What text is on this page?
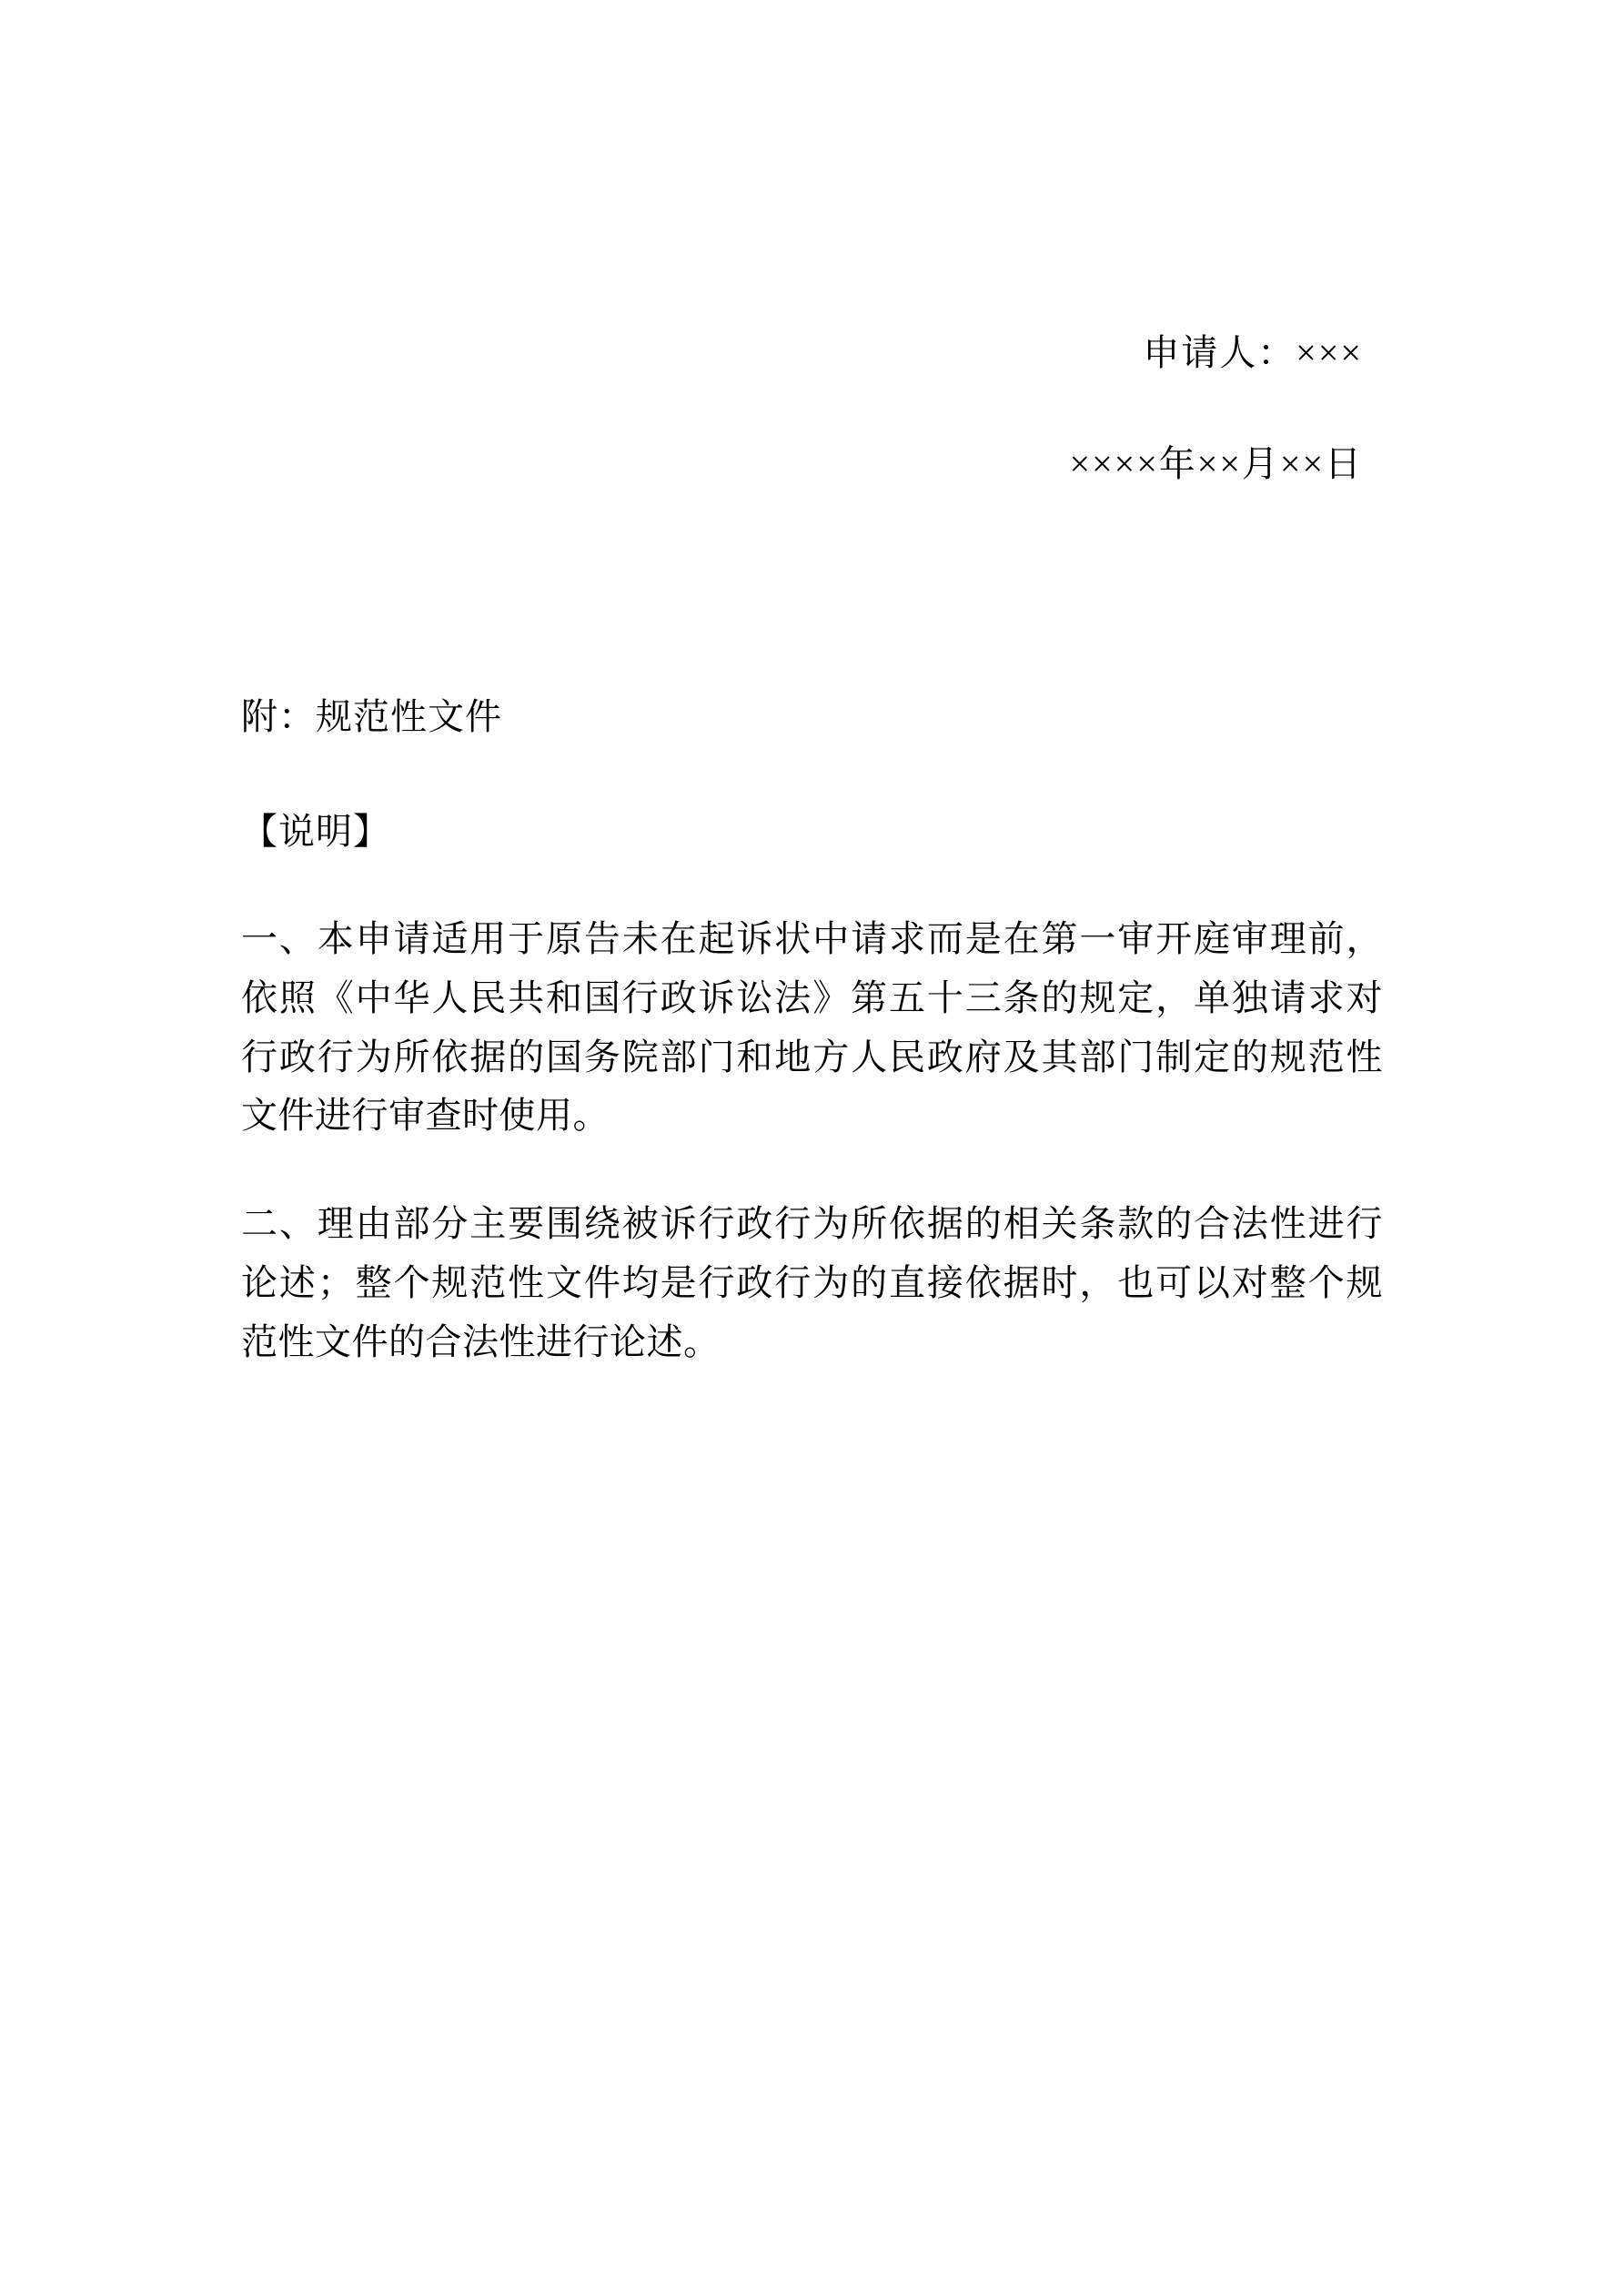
申请人：×××
××××年××月××日
附：规范性文件
【说明】
一、本申请适用于原告未在起诉状中请求而是在第一审开庭审理前，依照《中华人民共和国行政诉讼法》第五十三条的规定，单独请求对行政行为所依据的国务院部门和地方人民政府及其部门制定的规范性文件进行审查时使用。
二、理由部分主要围绕被诉行政行为所依据的相关条款的合法性进行论述；整个规范性文件均是行政行为的直接依据时，也可以对整个规范性文件的合法性进行论述。
